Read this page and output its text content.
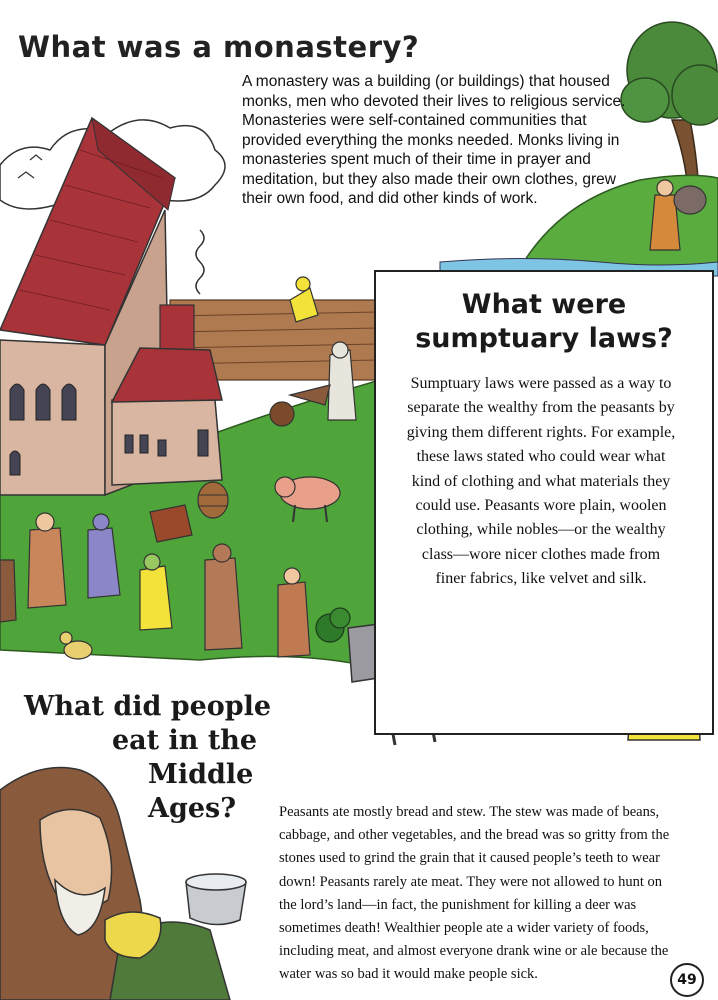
What was a monastery?

A monastery was a building (or buildings) that housed monks, men who devoted their lives to religious service. Monasteries were self-contained communities that provided everything the monks needed. Monks living in monasteries spent much of their time in prayer and meditation, but they also made their own clothes, grew their own food, and did other kinds of work.

What were
sumptuary laws?

Sumptuary laws were passed as a way to separate the wealthy from the peasants by giving them different rights. For example, these laws stated who could wear what kind of clothing and what materials they could use. Peasants wore plain, woolen clothing, while nobles—or the wealthy class—wore nicer clothes made from finer fabrics, like velvet and silk.

What did people
eat in the
Middle Ages?	Peasants ate mostly bread and stew. The stew was made of beans, cabbage, and other vegetables, and the bread was so gritty from the stones used to grind the grain that it caused people’s teeth to wear down! Peasants rarely ate meat. They were not allowed to hunt on the lord’s land—in fact, the punishment for killing a deer was sometimes death! Wealthier people ate a wider variety of foods, including meat, and almost everyone drank wine or ale because the water was so bad it would make people sick.	49
